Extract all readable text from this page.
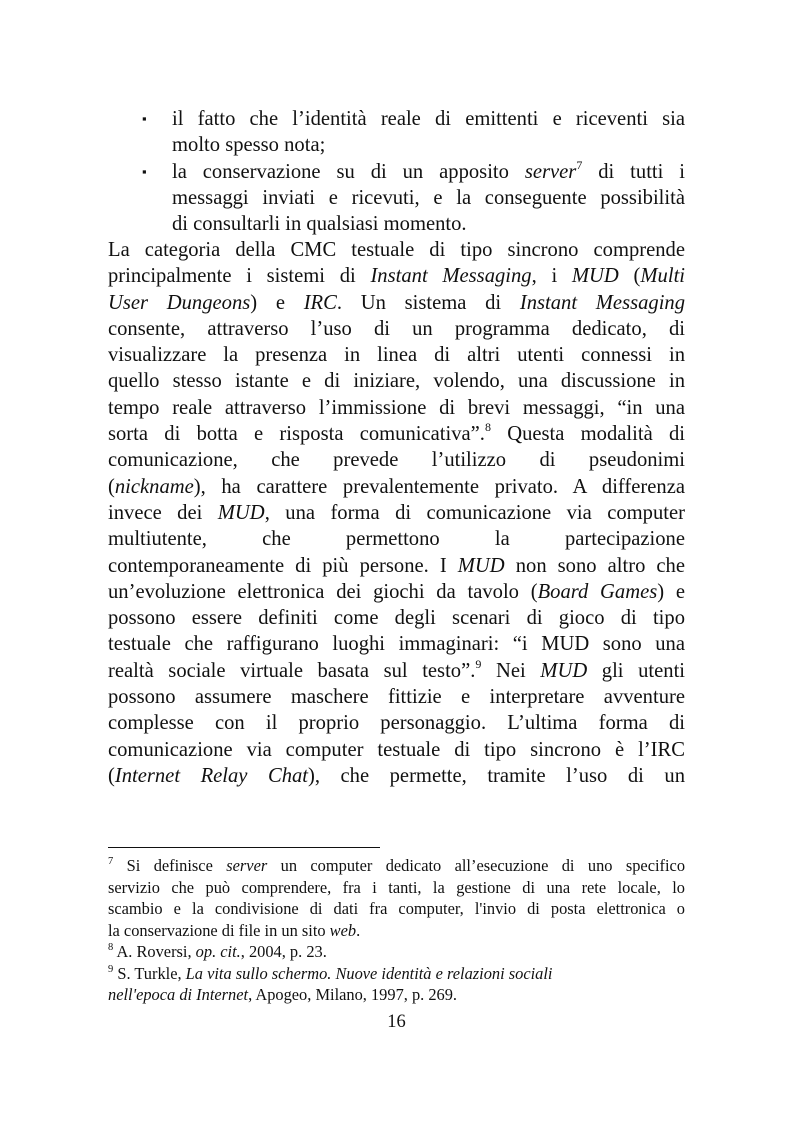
▪ il fatto che l’identità reale di emittenti e riceventi sia
molto spesso nota;
▪ la conservazione su di un apposito server$^7$ di tutti i
messaggi inviati e ricevuti, e la conseguente possibilità
di consultarli in qualsiasi momento.
La categoria della CMC testuale di tipo sincrono comprende
principalmente i sistemi di Instant Messaging, i MUD (Multi
User Dungeons) e IRC. Un sistema di Instant Messaging
consente, attraverso l’uso di un programma dedicato, di
visualizzare la presenza in linea di altri utenti connessi in
quello stesso istante e di iniziare, volendo, una discussione in
tempo reale attraverso l’immissione di brevi messaggi, “in una
sorta di botta e risposta comunicativa”.$^8$ Questa modalità di
comunicazione, che prevede l’utilizzo di pseudonimi
(nickname), ha carattere prevalentemente privato. A differenza
invece dei MUD, una forma di comunicazione via computer
multiutente, che permettono la partecipazione
contemporaneamente di più persone. I MUD non sono altro che
un’evoluzione elettronica dei giochi da tavolo (Board Games) e
possono essere definiti come degli scenari di gioco di tipo
testuale che raffigurano luoghi immaginari: “i MUD sono una
realtà sociale virtuale basata sul testo”.$^9$ Nei MUD gli utenti
possono assumere maschere fittizie e interpretare avventure
complesse con il proprio personaggio. L’ultima forma di
comunicazione via computer testuale di tipo sincrono è l’IRC
(Internet Relay Chat), che permette, tramite l’uso di un
$^7$ Si definisce server un computer dedicato all’esecuzione di uno specifico
servizio che può comprendere, fra i tanti, la gestione di una rete locale, lo
scambio e la condivisione di dati fra computer, l'invio di posta elettronica o
la conservazione di file in un sito web.
$^8$ A. Roversi, op. cit., 2004, p. 23.
$^9$ S. Turkle, La vita sullo schermo. Nuove identità e relazioni sociali
nell'epoca di Internet, Apogeo, Milano, 1997, p. 269.
16
